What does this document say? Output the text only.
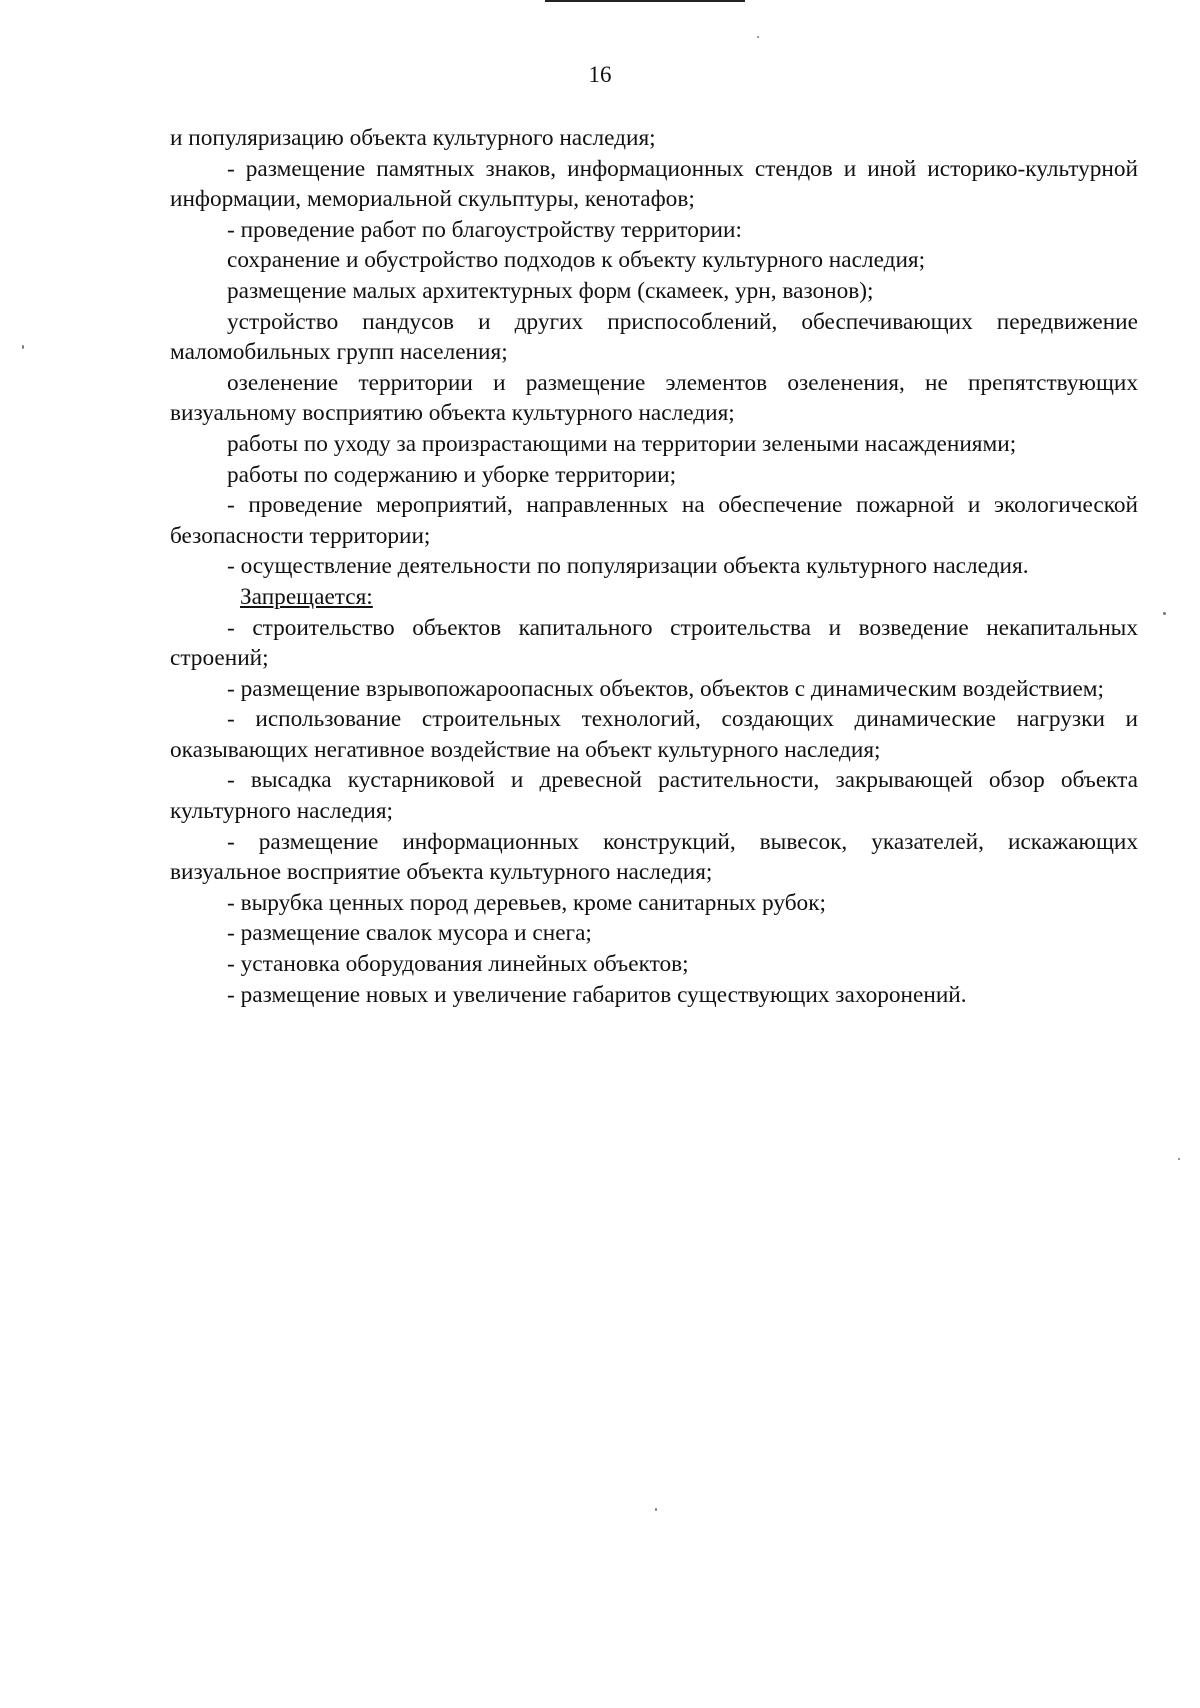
16

и популяризацию объекта культурного наследия;

- размещение памятных знаков, информационных стендов и иной историко-культурной информации, мемориальной скульптуры, кенотафов;

- проведение работ по благоустройству территории:

сохранение и обустройство подходов к объекту культурного наследия;

размещение малых архитектурных форм (скамеек, урн, вазонов);

устройство пандусов и других приспособлений, обеспечивающих передвижение маломобильных групп населения;

озеленение территории и размещение элементов озеленения, не препятствующих визуальному восприятию объекта культурного наследия;

работы по уходу за произрастающими на территории зелеными насаждениями;

работы по содержанию и уборке территории;

- проведение мероприятий, направленных на обеспечение пожарной и экологической безопасности территории;

- осуществление деятельности по популяризации объекта культурного наследия.

Запрещается:

- строительство объектов капитального строительства и возведение некапитальных строений;

- размещение взрывопожароопасных объектов, объектов с динамическим воздействием;

- использование строительных технологий, создающих динамические нагрузки и оказывающих негативное воздействие на объект культурного наследия;

- высадка кустарниковой и древесной растительности, закрывающей обзор объекта культурного наследия;

- размещение информационных конструкций, вывесок, указателей, искажающих визуальное восприятие объекта культурного наследия;

- вырубка ценных пород деревьев, кроме санитарных рубок;

- размещение свалок мусора и снега;

- установка оборудования линейных объектов;

- размещение новых и увеличение габаритов существующих захоронений.
